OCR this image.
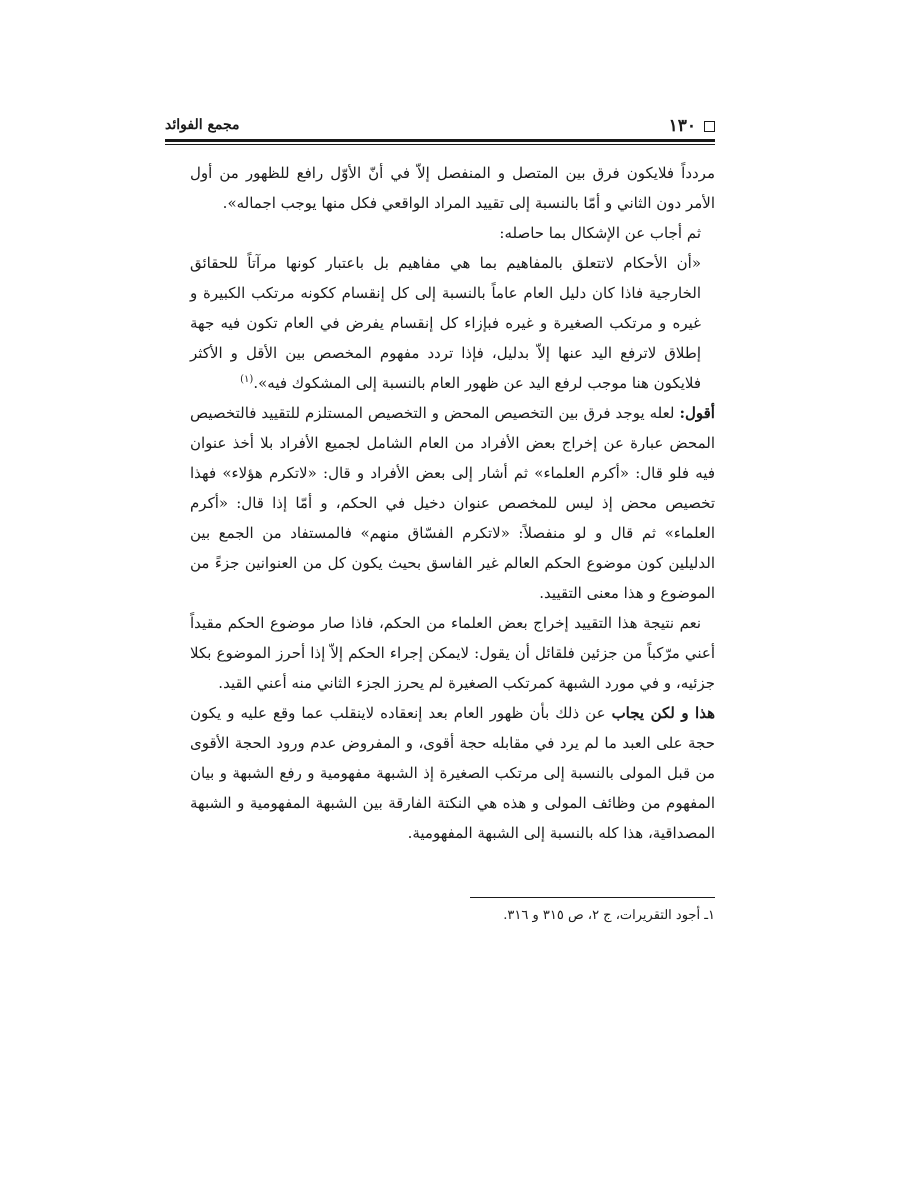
١٣٠
مجمع الفوائد

مردداً فلايكون فرق بين المتصل و المنفصل إلاّ في أنّ الأوّل رافع للظهور من أول الأمر دون الثاني و أمّا بالنسبة إلى تقييد المراد الواقعي فكل منها يوجب اجماله».

ثم أجاب عن الإشكال بما حاصله:

«أن الأحكام لاتتعلق بالمفاهيم بما هي مفاهيم بل باعتبار كونها مرآتاً للحقائق الخارجية فاذا كان دليل العام عاماً بالنسبة إلى كل إنقسام ككونه مرتكب الكبيرة و غيره و مرتكب الصغيرة و غيره فبإزاء كل إنقسام يفرض في العام تكون فيه جهة إطلاق لاترفع اليد عنها إلاّ بدليل، فإذا تردد مفهوم المخصص بين الأقل و الأكثر فلايكون هنا موجب لرفع اليد عن ظهور العام بالنسبة إلى المشكوك فيه».$^{(١)}$

أقول: لعله يوجد فرق بين التخصيص المحض و التخصيص المستلزم للتقييد فالتخصيص المحض عبارة عن إخراج بعض الأفراد من العام الشامل لجميع الأفراد بلا أخذ عنوان فيه فلو قال: «أكرم العلماء» ثم أشار إلى بعض الأفراد و قال: «لاتكرم هؤلاء» فهذا تخصيص محض إذ ليس للمخصص عنوان دخيل في الحكم، و أمّا إذا قال: «أكرم العلماء» ثم قال و لو منفصلاً: «لاتكرم الفسّاق منهم» فالمستفاد من الجمع بين الدليلين كون موضوع الحكم العالم غير الفاسق بحيث يكون كل من العنوانين جزءً من الموضوع و هذا معنى التقييد.

نعم نتيجة هذا التقييد إخراج بعض العلماء من الحكم، فاذا صار موضوع الحكم مقيداً أعني مرّكباً من جزئين فلقائل أن يقول: لايمكن إجراء الحكم إلاّ إذا أحرز الموضوع بكلا جزئيه، و في مورد الشبهة كمرتكب الصغيرة لم يحرز الجزء الثاني منه أعني القيد.

هذا و لكن يجاب عن ذلك بأن ظهور العام بعد إنعقاده لاينقلب عما وقع عليه و يكون حجة على العبد ما لم يرد في مقابله حجة أقوى، و المفروض عدم ورود الحجة الأقوى من قبل المولى بالنسبة إلى مرتكب الصغيرة إذ الشبهة مفهومية و رفع الشبهة و بيان المفهوم من وظائف المولى و هذه هي النكتة الفارقة بين الشبهة المفهومية و الشبهة المصداقية، هذا كله بالنسبة إلى الشبهة المفهومية.

١ـ أجود التقريرات، ج ٢، ص ٣١٥ و ٣١٦.
